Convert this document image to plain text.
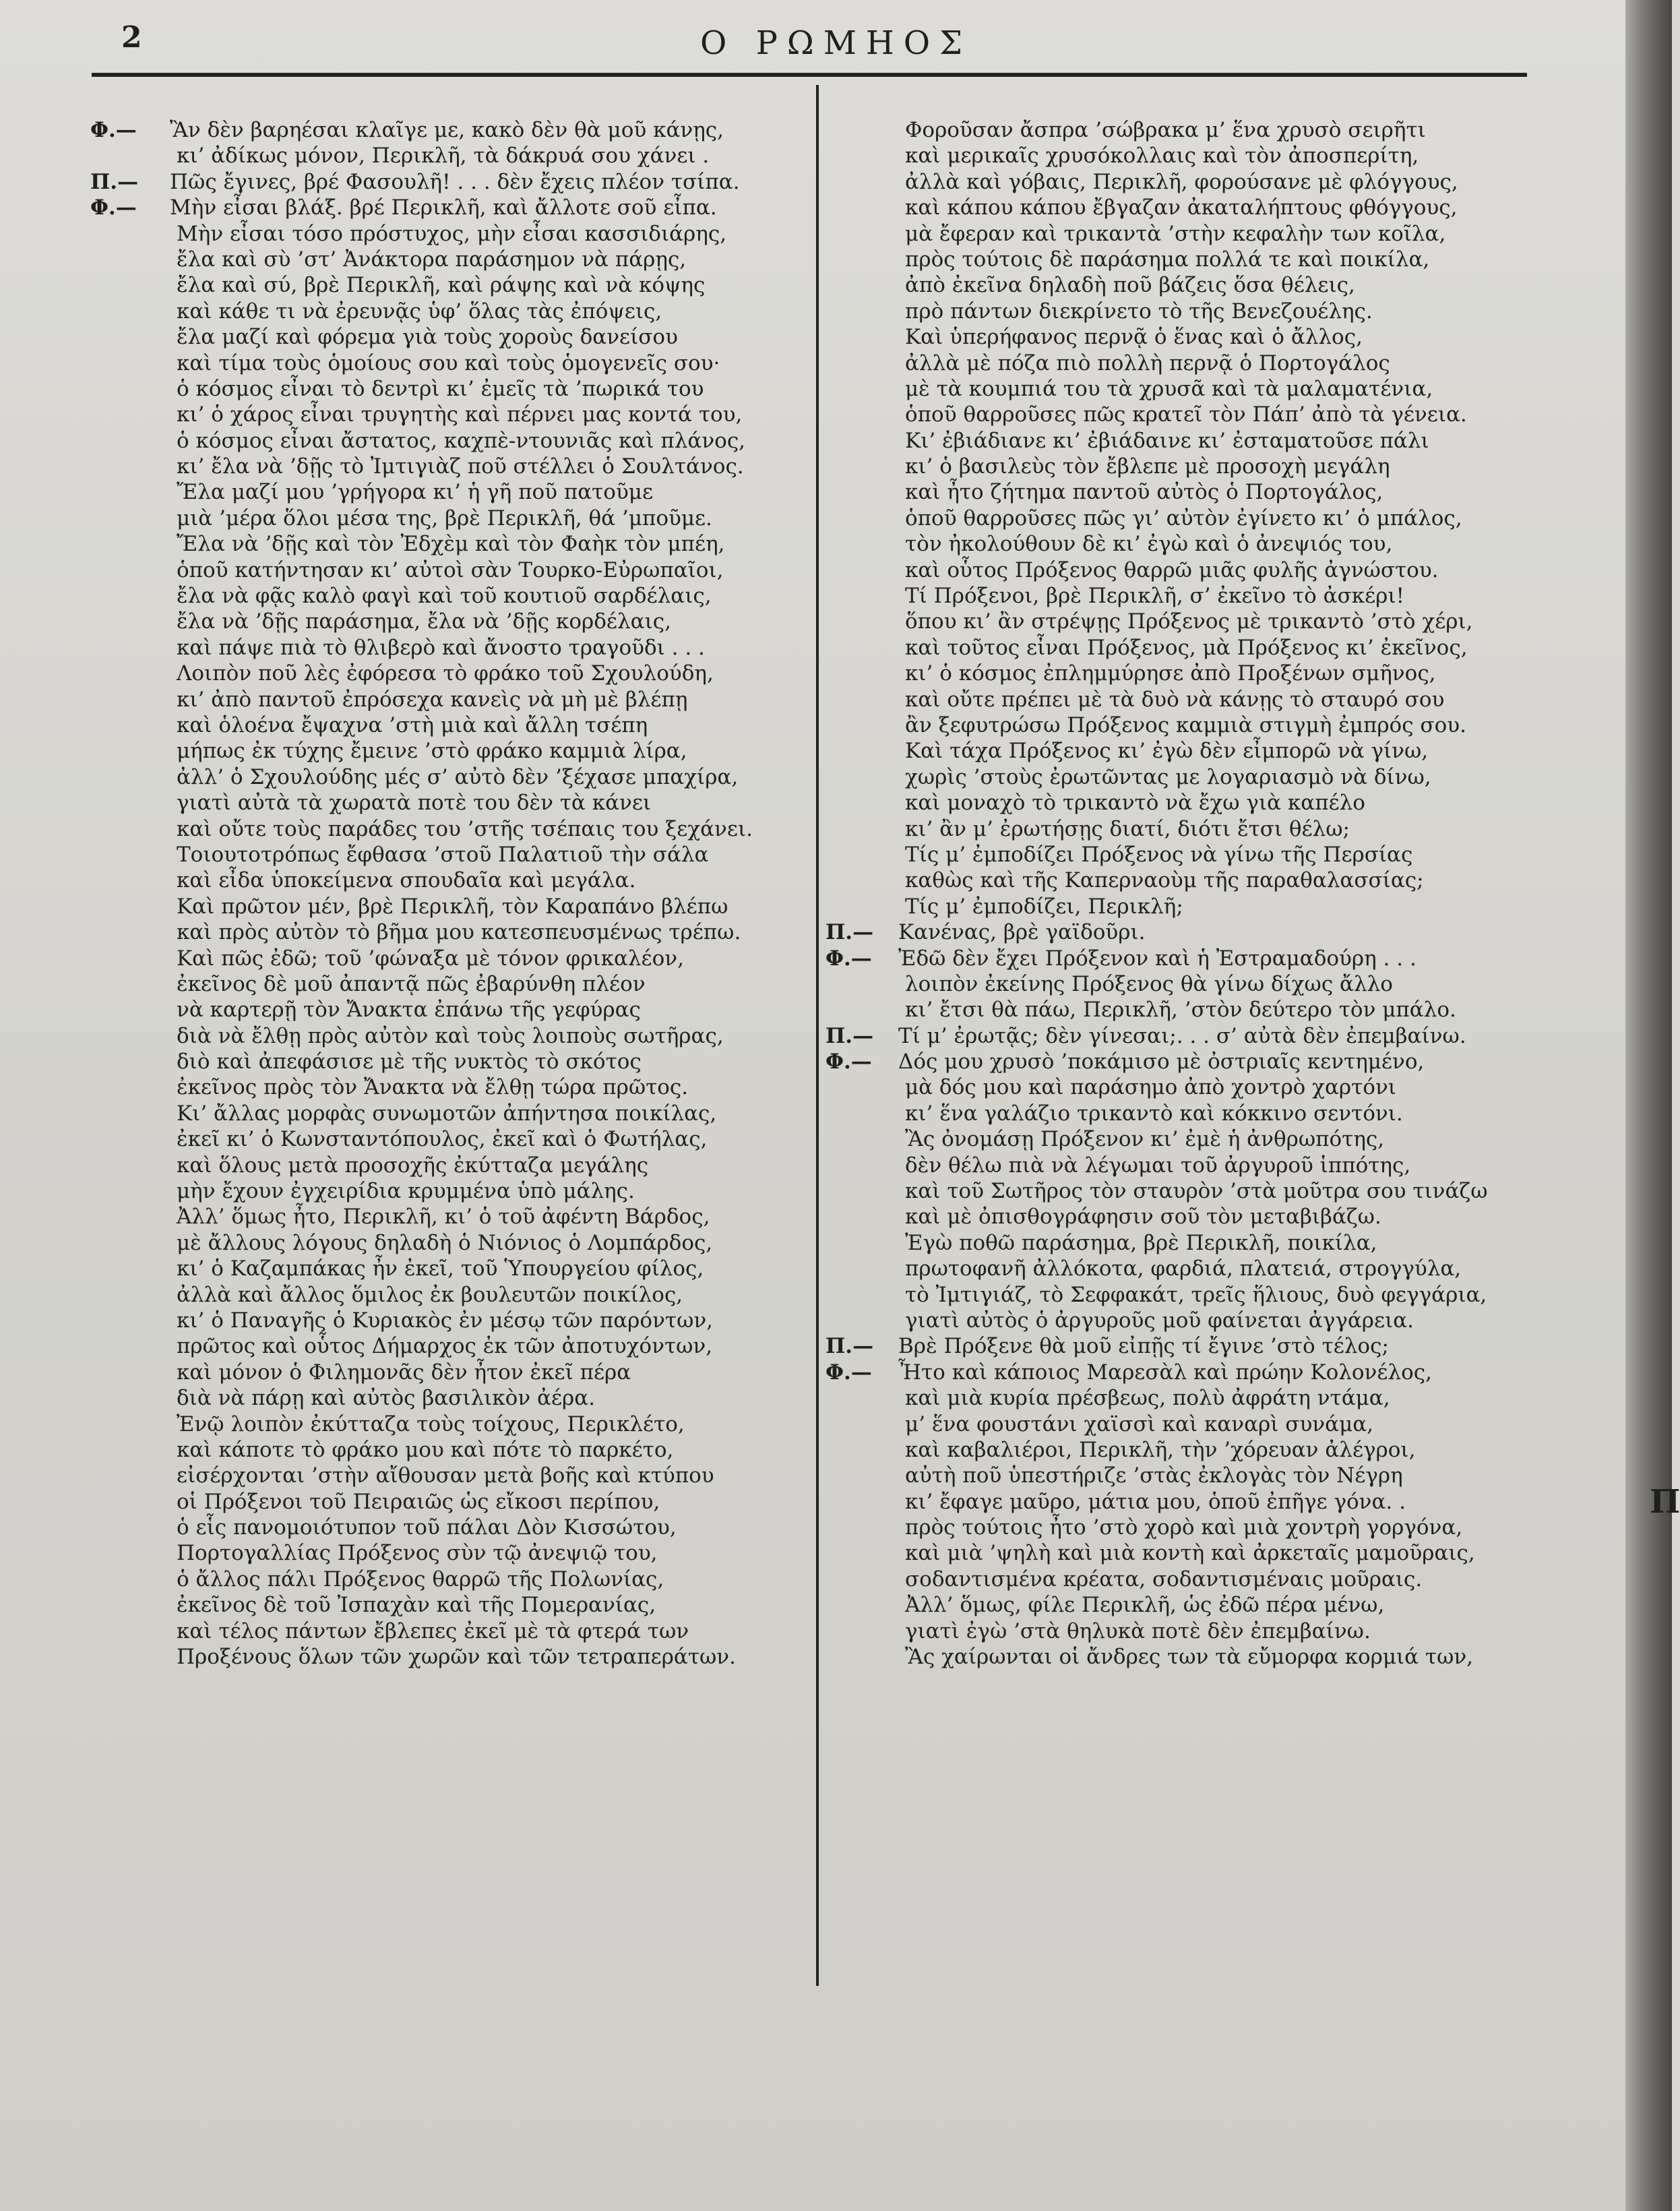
2	Ο ΡΩΜΗΟΣ
Φ.—	Ἂν δὲν βαρηέσαι κλαῖγε με, κακὸ δὲν θὰ μοῦ κάνῃς,
κι’ ἀδίκως μόνον, Περικλῆ, τὰ δάκρυά σου χάνει .
Π.—	Πῶς ἔγινες, βρέ Φασουλῆ! . . . δὲν ἔχεις πλέον τσίπα.
Φ.—	Μὴν εἶσαι βλάξ. βρέ Περικλῆ, καὶ ἄλλοτε σοῦ εἶπα.
Μὴν εἶσαι τόσο πρόστυχος, μὴν εἶσαι κασσιδιάρης,
ἔλα καὶ σὺ ’στ’ Ἀνάκτορα παράσημον νὰ πάρῃς,
ἔλα καὶ σύ, βρὲ Περικλῆ, καὶ ράψης καὶ νὰ κόψης
καὶ κάθε τι νὰ ἐρευνᾷς ὑφ’ ὅλας τὰς ἐπόψεις,
ἔλα μαζί καὶ φόρεμα γιὰ τοὺς χοροὺς δανείσου
καὶ τίμα τοὺς ὁμοίους σου καὶ τοὺς ὁμογενεῖς σου·
ὁ κόσμος εἶναι τὸ δεντρὶ κι’ ἐμεῖς τὰ ’πωρικά του
κι’ ὁ χάρος εἶναι τρυγητὴς καὶ πέρνει μας κοντά του,
ὁ κόσμος εἶναι ἄστατος, καχπὲ-ντουνιᾶς καὶ πλάνος,
κι’ ἔλα νὰ ’δῇς τὸ Ἰμτιγιὰζ ποῦ στέλλει ὁ Σουλτάνος.
Ἔλα μαζί μου ’γρήγορα κι’ ἡ γῆ ποῦ πατοῦμε
μιὰ ’μέρα ὅλοι μέσα της, βρὲ Περικλῆ, θά ’μποῦμε.
Ἔλα νὰ ’δῇς καὶ τὸν Ἐδχὲμ καὶ τὸν Φαὴκ τὸν μπέη,
ὁποῦ κατήντησαν κι’ αὐτοὶ σὰν Τουρκο-Εὐρωπαῖοι,
ἔλα νὰ φᾷς καλὸ φαγὶ καὶ τοῦ κουτιοῦ σαρδέλαις,
ἔλα νὰ ’δῇς παράσημα, ἔλα νὰ ’δῇς κορδέλαις,
καὶ πάψε πιὰ τὸ θλιβερὸ καὶ ἄνοστο τραγοῦδι . . .
Λοιπὸν ποῦ λὲς ἐφόρεσα τὸ φράκο τοῦ Σχουλούδη,
κι’ ἀπὸ παντοῦ ἐπρόσεχα κανεὶς νὰ μὴ μὲ βλέπῃ
καὶ ὁλοένα ἔψαχνα ’στὴ μιὰ καὶ ἄλλη τσέπη
μήπως ἐκ τύχης ἔμεινε ’στὸ φράκο καμμιὰ λίρα,
ἀλλ’ ὁ Σχουλούδης μές σ’ αὐτὸ δὲν ’ξέχασε μπαχίρα,
γιατὶ αὐτὰ τὰ χωρατὰ ποτὲ του δὲν τὰ κάνει
καὶ οὔτε τοὺς παράδες του ’στῆς τσέπαις του ξεχάνει.
Τοιουτοτρόπως ἔφθασα ’στοῦ Παλατιοῦ τὴν σάλα
καὶ εἶδα ὑποκείμενα σπουδαῖα καὶ μεγάλα.
Καὶ πρῶτον μέν, βρὲ Περικλῆ, τὸν Καραπάνο βλέπω
καὶ πρὸς αὐτὸν τὸ βῆμα μου κατεσπευσμένως τρέπω.
Καὶ πῶς ἐδῶ; τοῦ ’φώναξα μὲ τόνον φρικαλέον,
ἐκεῖνος δὲ μοῦ ἀπαντᾷ πῶς ἐβαρύνθη πλέον
νὰ καρτερῇ τὸν Ἄνακτα ἐπάνω τῆς γεφύρας
διὰ νὰ ἔλθῃ πρὸς αὐτὸν καὶ τοὺς λοιποὺς σωτῆρας,
διὸ καὶ ἀπεφάσισε μὲ τῆς νυκτὸς τὸ σκότος
ἐκεῖνος πρὸς τὸν Ἄνακτα νὰ ἔλθῃ τώρα πρῶτος.
Κι’ ἄλλας μορφὰς συνωμοτῶν ἀπήντησα ποικίλας,
ἐκεῖ κι’ ὁ Κωνσταντόπουλος, ἐκεῖ καὶ ὁ Φωτήλας,
καὶ ὅλους μετὰ προσοχῆς ἐκύτταζα μεγάλης
μὴν ἔχουν ἐγχειρίδια κρυμμένα ὑπὸ μάλης.
Ἀλλ’ ὅμως ἦτο, Περικλῆ, κι’ ὁ τοῦ ἀφέντη Βάρδος,
μὲ ἄλλους λόγους δηλαδὴ ὁ Νιόνιος ὁ Λομπάρδος,
κι’ ὁ Καζαμπάκας ἦν ἐκεῖ, τοῦ Ὑπουργείου φίλος,
ἀλλὰ καὶ ἄλλος ὅμιλος ἐκ βουλευτῶν ποικίλος,
κι’ ὁ Παναγῆς ὁ Κυριακὸς ἐν μέσῳ τῶν παρόντων,
πρῶτος καὶ οὗτος Δήμαρχος ἐκ τῶν ἀποτυχόντων,
καὶ μόνον ὁ Φιλημονᾶς δὲν ἦτον ἐκεῖ πέρα
διὰ νὰ πάρῃ καὶ αὐτὸς βασιλικὸν ἀέρα.
Ἐνῷ λοιπὸν ἐκύτταζα τοὺς τοίχους, Περικλέτο,
καὶ κάποτε τὸ φράκο μου καὶ πότε τὸ παρκέτο,
εἰσέρχονται ’στὴν αἴθουσαν μετὰ βοῆς καὶ κτύπου
οἱ Πρόξενοι τοῦ Πειραιῶς ὡς εἴκοσι περίπου,
ὁ εἷς πανομοιότυπον τοῦ πάλαι Δὸν Κισσώτου,
Πορτογαλλίας Πρόξενος σὺν τῷ ἀνεψιῷ του,
ὁ ἄλλος πάλι Πρόξενος θαρρῶ τῆς Πολωνίας,
ἐκεῖνος δὲ τοῦ Ἰσπαχὰν καὶ τῆς Πομερανίας,
καὶ τέλος πάντων ἔβλεπες ἐκεῖ μὲ τὰ φτερά των
Προξένους ὅλων τῶν χωρῶν καὶ τῶν τετραπεράτων.
Φοροῦσαν ἄσπρα ’σώβρακα μ’ ἕνα χρυσὸ σειρῆτι
καὶ μερικαῖς χρυσόκολλαις καὶ τὸν ἀποσπερίτη,
ἀλλὰ καὶ γόβαις, Περικλῆ, φορούσανε μὲ φλόγγους,
καὶ κάπου κάπου ἔβγαζαν ἀκαταλήπτους φθόγγους,
μὰ ἔφεραν καὶ τρικαντὰ ’στὴν κεφαλὴν των κοῖλα,
πρὸς τούτοις δὲ παράσημα πολλά τε καὶ ποικίλα,
ἀπὸ ἐκεῖνα δηλαδὴ ποῦ βάζεις ὅσα θέλεις,
πρὸ πάντων διεκρίνετο τὸ τῆς Βενεζουέλης.
Καὶ ὑπερήφανος περνᾷ ὁ ἕνας καὶ ὁ ἄλλος,
ἀλλὰ μὲ πόζα πιὸ πολλὴ περνᾷ ὁ Πορτογάλος
μὲ τὰ κουμπιά του τὰ χρυσᾶ καὶ τὰ μαλαματένια,
ὁποῦ θαρροῦσες πῶς κρατεῖ τὸν Πάπ’ ἀπὸ τὰ γένεια.
Κι’ ἐβιάδιανε κι’ ἐβιάδαινε κι’ ἐσταματοῦσε πάλι
κι’ ὁ βασιλεὺς τὸν ἔβλεπε μὲ προσοχὴ μεγάλη
καὶ ἦτο ζήτημα παντοῦ αὐτὸς ὁ Πορτογάλος,
ὁποῦ θαρροῦσες πῶς γι’ αὐτὸν ἐγίνετο κι’ ὁ μπάλος,
τὸν ἠκολούθουν δὲ κι’ ἐγὼ καὶ ὁ ἀνεψιός του,
καὶ οὗτος Πρόξενος θαρρῶ μιᾶς φυλῆς ἀγνώστου.
Τί Πρόξενοι, βρὲ Περικλῆ, σ’ ἐκεῖνο τὸ ἀσκέρι!
ὅπου κι’ ἂν στρέψῃς Πρόξενος μὲ τρικαντὸ ’στὸ χέρι,
καὶ τοῦτος εἶναι Πρόξενος, μὰ Πρόξενος κι’ ἐκεῖνος,
κι’ ὁ κόσμος ἐπλημμύρησε ἀπὸ Προξένων σμῆνος,
καὶ οὔτε πρέπει μὲ τὰ δυὸ νὰ κάνῃς τὸ σταυρό σου
ἂν ξεφυτρώσω Πρόξενος καμμιὰ στιγμὴ ἐμπρός σου.
Καὶ τάχα Πρόξενος κι’ ἐγὼ δὲν εἶμπορῶ νὰ γίνω,
χωρὶς ’στοὺς ἐρωτῶντας με λογαριασμὸ νὰ δίνω,
καὶ μοναχὸ τὸ τρικαντὸ νὰ ἔχω γιὰ καπέλο
κι’ ἂν μ’ ἐρωτήσῃς διατί, διότι ἔτσι θέλω;
Τίς μ’ ἐμποδίζει Πρόξενος νὰ γίνω τῆς Περσίας
καθὼς καὶ τῆς Καπερναοὺμ τῆς παραθαλασσίας;
Τίς μ’ ἐμποδίζει, Περικλῆ;
Π.—	Κανένας, βρὲ γαϊδοῦρι.
Φ.—	Ἐδῶ δὲν ἔχει Πρόξενον καὶ ἡ Ἐστραμαδούρη . . .
λοιπὸν ἐκείνης Πρόξενος θὰ γίνω δίχως ἄλλο
κι’ ἔτσι θὰ πάω, Περικλῆ, ’στὸν δεύτερο τὸν μπάλο.
Π.—	Τί μ’ ἐρωτᾷς; δὲν γίνεσαι;. . . σ’ αὐτὰ δὲν ἐπεμβαίνω.
Φ.—	Δός μου χρυσὸ ’ποκάμισο μὲ ὀστριαῖς κεντημένο,
μὰ δός μου καὶ παράσημο ἀπὸ χοντρὸ χαρτόνι
κι’ ἕνα γαλάζιο τρικαντὸ καὶ κόκκινο σεντόνι.
Ἂς ὀνομάσῃ Πρόξενον κι’ ἐμὲ ἡ ἀνθρωπότης,
δὲν θέλω πιὰ νὰ λέγωμαι τοῦ ἀργυροῦ ἱππότης,
καὶ τοῦ Σωτῆρος τὸν σταυρὸν ’στὰ μοῦτρα σου τινάζω
καὶ μὲ ὀπισθογράφησιν σοῦ τὸν μεταβιβάζω.
Ἐγὼ ποθῶ παράσημα, βρὲ Περικλῆ, ποικίλα,
πρωτοφανῆ ἀλλόκοτα, φαρδιά, πλατειά, στρογγύλα,
τὸ Ἰμτιγιάζ, τὸ Σεφφακάτ, τρεῖς ἥλιους, δυὸ φεγγάρια,
γιατὶ αὐτὸς ὁ ἀργυροῦς μοῦ φαίνεται ἀγγάρεια.
Π.—	Βρὲ Πρόξενε θὰ μοῦ εἰπῇς τί ἔγινε ’στὸ τέλος;
Φ.—	Ἦτο καὶ κάποιος Μαρεσὰλ καὶ πρώην Κολονέλος,
καὶ μιὰ κυρία πρέσβεως, πολὺ ἀφράτη ντάμα,
μ’ ἕνα φουστάνι χαϊσσὶ καὶ καναρὶ συνάμα,
καὶ καβαλιέροι, Περικλῆ, τὴν ’χόρευαν ἀλέγροι,
αὐτὴ ποῦ ὑπεστήριζε ’στὰς ἐκλογὰς τὸν Νέγρη
κι’ ἔφαγε μαῦρο, μάτια μου, ὁποῦ ἐπῆγε γόνα. .
πρὸς τούτοις ἦτο ’στὸ χορὸ καὶ μιὰ χοντρὴ γοργόνα,
καὶ μιὰ ’ψηλὴ καὶ μιὰ κοντὴ καὶ ἀρκεταῖς μαμοῦραις,
σοδαντισμένα κρέατα, σοδαντισμέναις μοῦραις.
Ἀλλ’ ὅμως, φίλε Περικλῆ, ὡς ἐδῶ πέρα μένω,
γιατὶ ἐγὼ ’στὰ θηλυκὰ ποτὲ δὲν ἐπεμβαίνω.
Ἂς χαίρωνται οἱ ἄνδρες των τὰ εὔμορφα κορμιά των,
Π
